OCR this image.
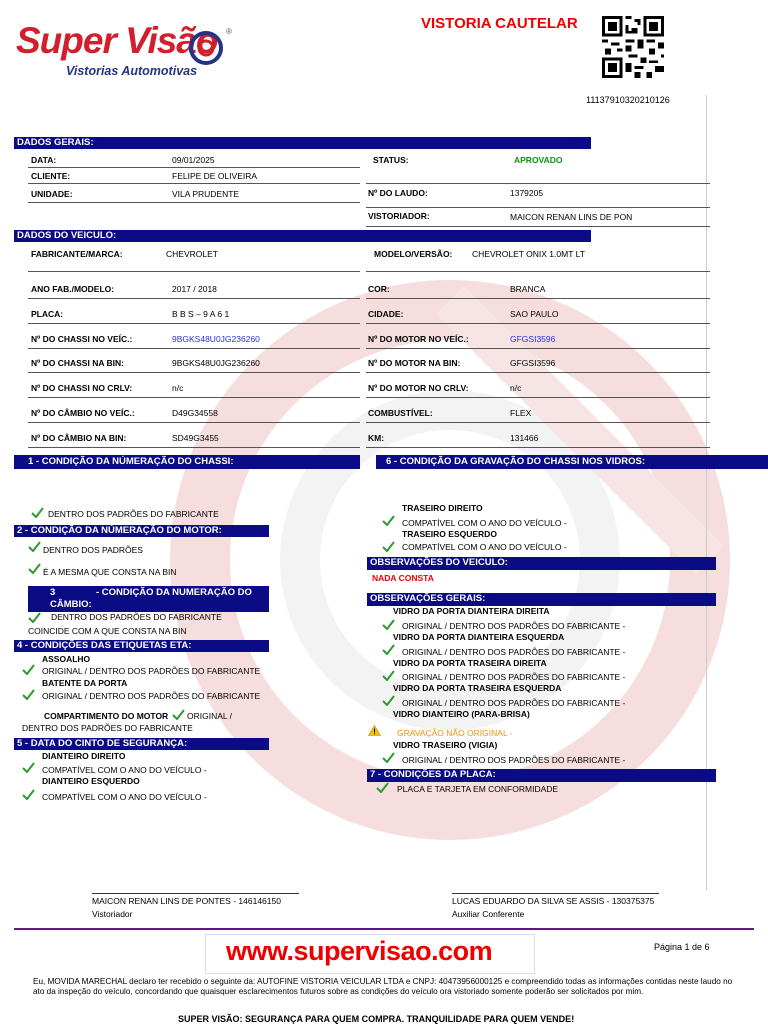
Super Visão ®
Vistorias Automotivas
VISTORIA CAUTELAR
11137910320210126
DADOS GERAIS:
DATA:	09/01/2025
CLIENTE:	FELIPE DE OLIVEIRA
UNIDADE:	VILA PRUDENTE
STATUS:	APROVADO
Nº DO LAUDO:	1379205
VISTORIADOR:	MAICON RENAN LINS DE PON
DADOS DO VEICULO:
FABRICANTE/MARCA:	CHEVROLET	MODELO/VERSÃO: CHEVROLET ONIX 1.0MT LT
ANO FAB./MODELO:	2017 / 2018	COR:	BRANCA
PLACA:	B B S – 9 A 6 1	CIDADE:	SAO PAULO
Nº DO CHASSI NO VEÍC.:	9BGKS48U0JG236260	Nº DO MOTOR NO VEÍC.:	GFGSI3596
Nº DO CHASSI NA BIN:	9BGKS48U0JG236260	Nº DO MOTOR NA BIN:	GFGSI3596
Nº DO CHASSI NO CRLV:	n/c	Nº DO MOTOR NO CRLV:	n/c
Nº DO CÂMBIO NO VEÍC.:	D49G34558	COMBUSTÍVEL:	FLEX
Nº DO CÂMBIO NA BIN:	SD49G3455	KM:	131466
1 - CONDIÇÃO DA NÚMERAÇÃO DO CHASSI:
DENTRO DOS PADRÕES DO FABRICANTE
2 - CONDIÇÃO DA NÚMERAÇÃO DO MOTOR:
DENTRO DOS PADRÕES
É A MESMA QUE CONSTA NA BIN
3	- CONDIÇÃO DA NUMERAÇÃO DO
CÂMBIO:
DENTRO DOS PADRÕES DO FABRICANTE
COINCIDE COM A QUE CONSTA NA BIN
4 - CONDIÇÕES DAS ETIQUETAS ETA:
ASSOALHO
ORIGINAL / DENTRO DOS PADRÕES DO FABRICANTE
BATENTE DA PORTA
ORIGINAL / DENTRO DOS PADRÕES DO FABRICANTE
COMPARTIMENTO DO MOTOR ORIGINAL /
DENTRO DOS PADRÕES DO FABRICANTE
5 - DATA DO CINTO DE SEGURANÇA:
DIANTEIRO DIREITO
COMPATÍVEL COM O ANO DO VEÍCULO -
DIANTEIRO ESQUERDO
COMPATÍVEL COM O ANO DO VEÍCULO -
6 - CONDIÇÃO DA GRAVAÇÃO DO CHASSI NOS VIDROS:
TRASEIRO DIREITO
COMPATÍVEL COM O ANO DO VEÍCULO -
TRASEIRO ESQUERDO
COMPATÍVEL COM O ANO DO VEÍCULO -
OBSERVAÇÕES DO VEICULO:
NADA CONSTA
OBSERVAÇÕES GERAIS:
VIDRO DA PORTA DIANTEIRA DIREITA
ORIGINAL / DENTRO DOS PADRÕES DO FABRICANTE -
VIDRO DA PORTA DIANTEIRA ESQUERDA
ORIGINAL / DENTRO DOS PADRÕES DO FABRICANTE -
VIDRO DA PORTA TRASEIRA DIREITA
ORIGINAL / DENTRO DOS PADRÕES DO FABRICANTE -
VIDRO DA PORTA TRASEIRA ESQUERDA
ORIGINAL / DENTRO DOS PADRÕES DO FABRICANTE -
VIDRO DIANTEIRO (PARA-BRISA)
GRAVAÇÃO NÃO ORIGINAL -
VIDRO TRASEIRO (VIGIA)
ORIGINAL / DENTRO DOS PADRÕES DO FABRICANTE -
7 - CONDIÇÕES DA PLACA:
PLACA E TARJETA EM CONFORMIDADE
MAICON RENAN LINS DE PONTES - 146146150
Vistoriador
LUCAS EDUARDO DA SILVA SE ASSIS - 130375375
Auxiliar Conferente
www.supervisao.com	Página 1 de 6
Eu, MOVIDA MARECHAL declaro ter recebido o seguinte da: AUTOFINE VISTORIA VEICULAR LTDA e CNPJ: 40473956000125 e compreendido todas as informações contidas neste laudo no ato da inspeção do veículo, concordando que quaisquer esclarecimentos futuros sobre as condições do veículo ora vistoriado somente poderão ser solicitados por mim.
SUPER VISÃO: SEGURANÇA PARA QUEM COMPRA. TRANQUILIDADE PARA QUEM VENDE!
